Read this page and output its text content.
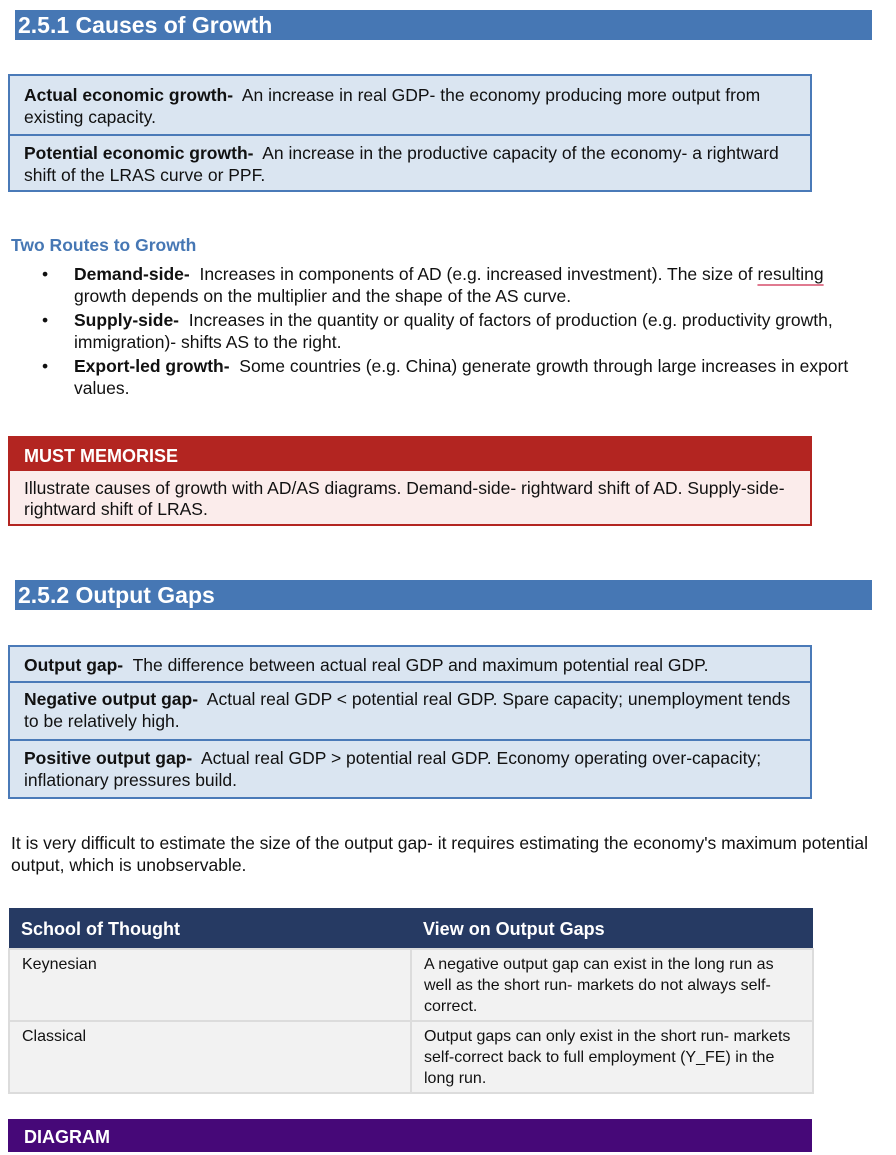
2.5.1 Causes of Growth
Actual economic growth- An increase in real GDP- the economy producing more output from existing capacity.
Potential economic growth- An increase in the productive capacity of the economy- a rightward shift of the LRAS curve or PPF.
Two Routes to Growth
• Demand-side- Increases in components of AD (e.g. increased investment). The size of resulting growth depends on the multiplier and the shape of the AS curve.
• Supply-side- Increases in the quantity or quality of factors of production (e.g. productivity growth, immigration)- shifts AS to the right.
• Export-led growth- Some countries (e.g. China) generate growth through large increases in export values.
MUST MEMORISE
Illustrate causes of growth with AD/AS diagrams. Demand-side- rightward shift of AD. Supply-side- rightward shift of LRAS.
2.5.2 Output Gaps
Output gap- The difference between actual real GDP and maximum potential real GDP.
Negative output gap- Actual real GDP < potential real GDP. Spare capacity; unemployment tends to be relatively high.
Positive output gap- Actual real GDP > potential real GDP. Economy operating over-capacity; inflationary pressures build.
It is very difficult to estimate the size of the output gap- it requires estimating the economy's maximum potential output, which is unobservable.
School of Thought	View on Output Gaps
Keynesian	A negative output gap can exist in the long run as well as the short run- markets do not always self-correct.
Classical	Output gaps can only exist in the short run- markets self-correct back to full employment (Y_FE) in the long run.
DIAGRAM
